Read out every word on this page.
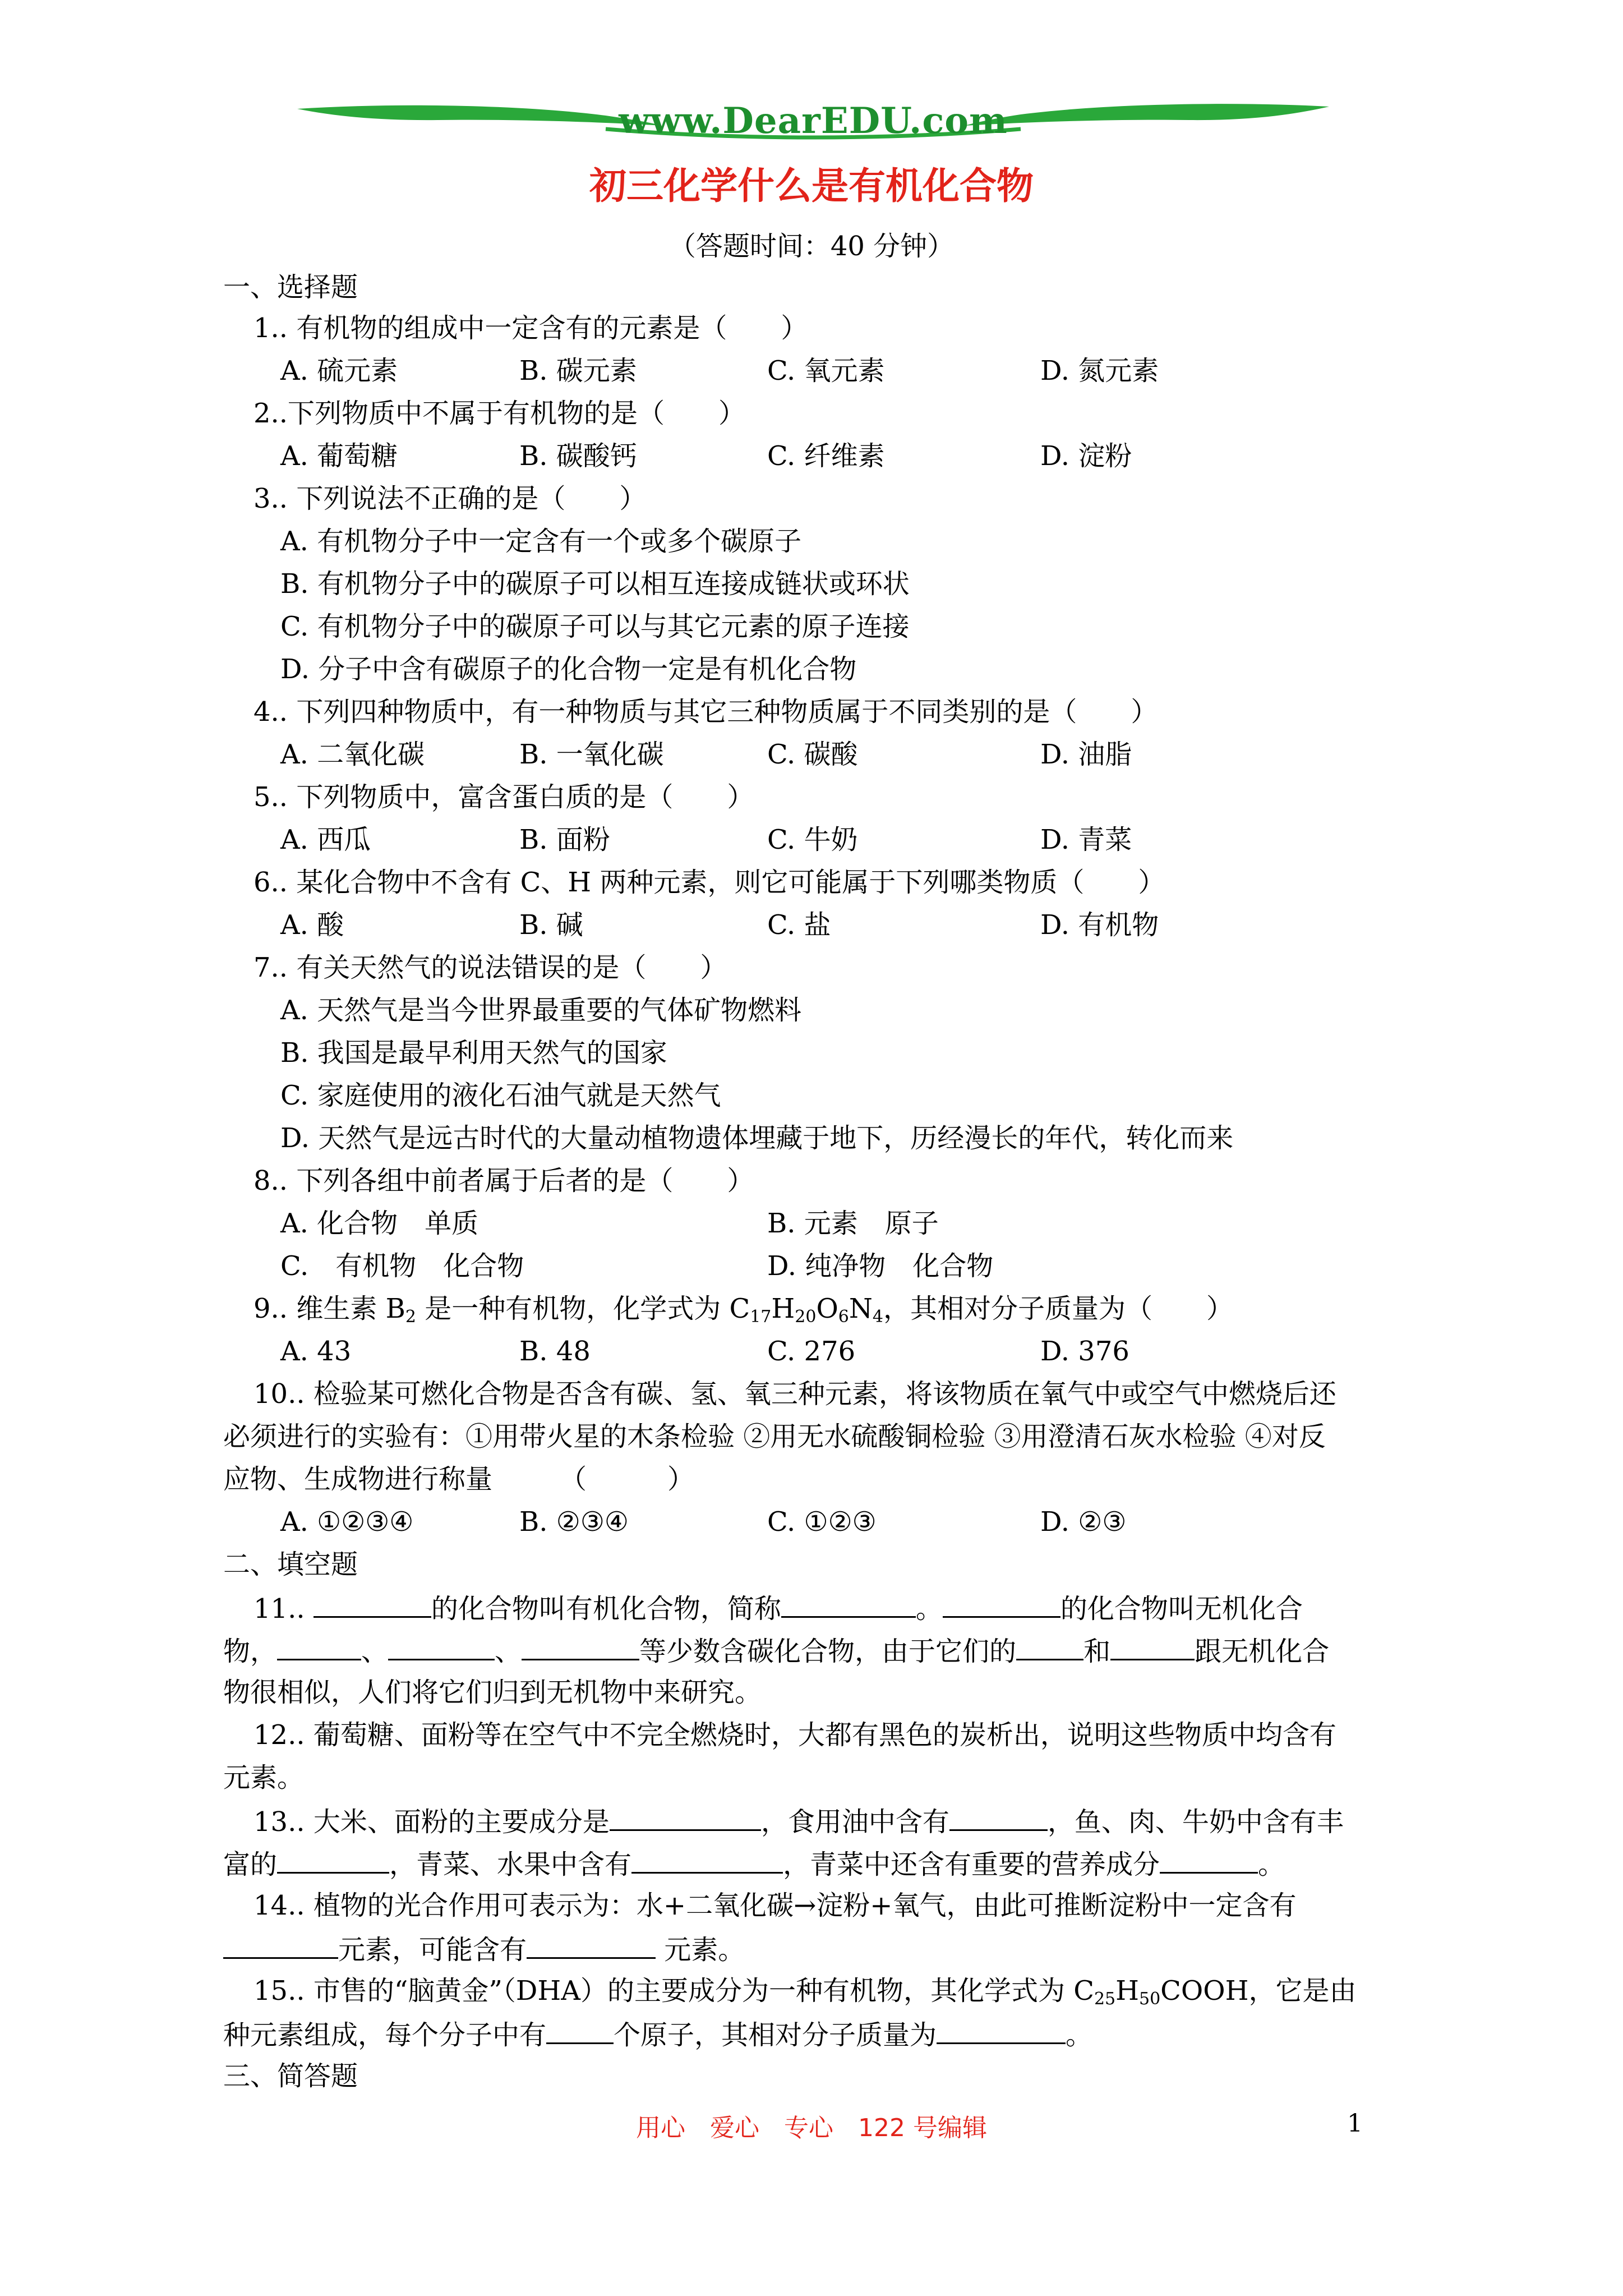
www.DearEDU.com
初三化学什么是有机化合物
（答题时间：40 分钟）
一、选择题
1.. 有机物的组成中一定含有的元素是（　　）
A. 硫元素	B. 碳元素	C. 氧元素	D. 氮元素
2..下列物质中不属于有机物的是（　　）
A. 葡萄糖	B. 碳酸钙	C. 纤维素	D. 淀粉
3.. 下列说法不正确的是（　　）
A. 有机物分子中一定含有一个或多个碳原子
B. 有机物分子中的碳原子可以相互连接成链状或环状
C. 有机物分子中的碳原子可以与其它元素的原子连接
D. 分子中含有碳原子的化合物一定是有机化合物
4.. 下列四种物质中，有一种物质与其它三种物质属于不同类别的是（　　）
A. 二氧化碳	B. 一氧化碳	C. 碳酸	D. 油脂
5.. 下列物质中，富含蛋白质的是（　　）
A. 西瓜	B. 面粉	C. 牛奶	D. 青菜
6.. 某化合物中不含有 C、H 两种元素，则它可能属于下列哪类物质（　　）
A. 酸	B. 碱	C. 盐	D. 有机物
7.. 有关天然气的说法错误的是（　　）
A. 天然气是当今世界最重要的气体矿物燃料
B. 我国是最早利用天然气的国家
C. 家庭使用的液化石油气就是天然气
D. 天然气是远古时代的大量动植物遗体埋藏于地下，历经漫长的年代，转化而来
8.. 下列各组中前者属于后者的是（　　）
A. 化合物　单质	B. 元素　原子
C.　有机物　化合物	D. 纯净物　化合物
9.. 维生素 $B_2$ 是一种有机物，化学式为 $C_{17}H_{20}O_6N_4$，其相对分子质量为（　　）
A. 43	B. 48	C. 276	D. 376
10.. 检验某可燃化合物是否含有碳、氢、氧三种元素，将该物质在氧气中或空气中燃烧后还
必须进行的实验有：①用带火星的木条检验 ②用无水硫酸铜检验 ③用澄清石灰水检验 ④对反
应物、生成物进行称量　　　（　　　）
A. ①②③④	B. ②③④	C. ①②③	D. ②③
二、填空题
11..	的化合物叫有机化合物，简称	。	的化合物叫无机化合
物，	、	、	等少数含碳化合物，由于它们的	和	跟无机化合
物很相似，人们将它们归到无机物中来研究。
12.. 葡萄糖、面粉等在空气中不完全燃烧时，大都有黑色的炭析出，说明这些物质中均含有
元素。
13.. 大米、面粉的主要成分是	，食用油中含有	，鱼、肉、牛奶中含有丰
富的	，青菜、水果中含有	，青菜中还含有重要的营养成分	。
14.. 植物的光合作用可表示为：水+二氧化碳→淀粉+氧气，由此可推断淀粉中一定含有
元素，可能含有	元素。
15.. 市售的“脑黄金”（DHA）的主要成分为一种有机物，其化学式为 $C_{25}H_{50}COOH$，它是由
种元素组成，每个分子中有	个原子，其相对分子质量为	。
三、简答题
用心　爱心　专心　122 号编辑	1
